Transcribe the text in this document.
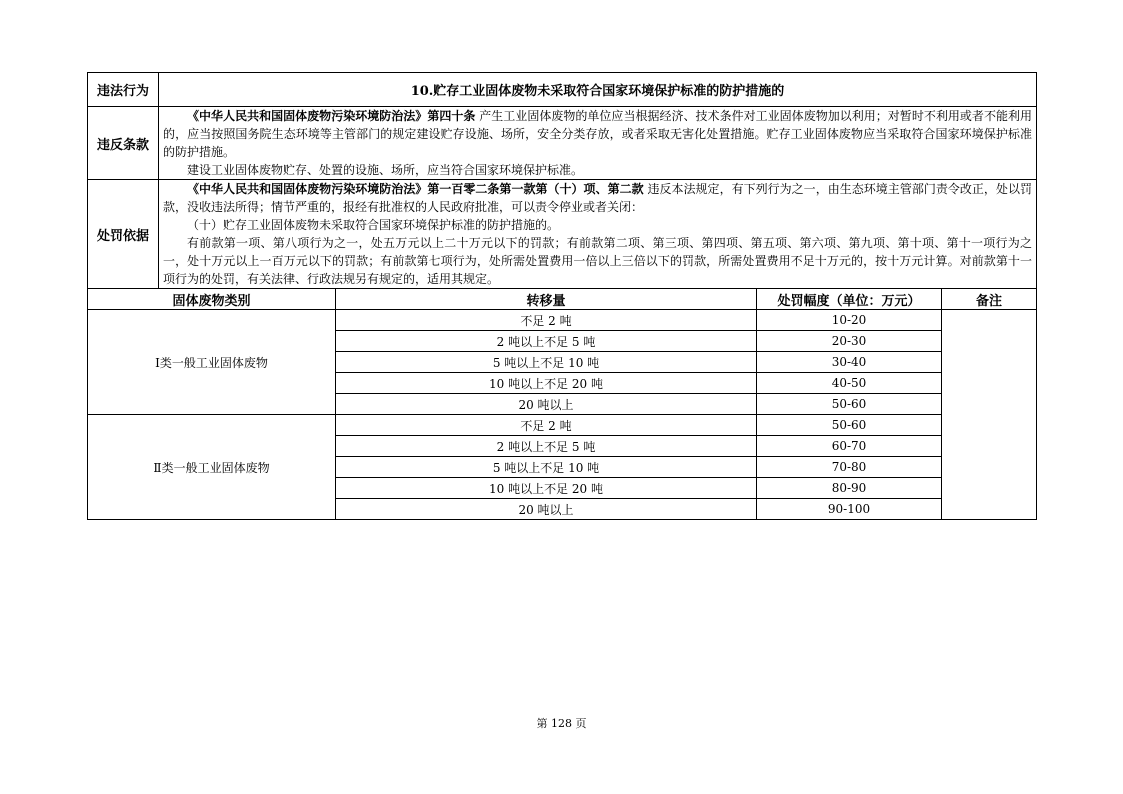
违法行为	10.贮存工业固体废物未采取符合国家环境保护标准的防护措施的			
违反条款	《中华人民共和国固体废物污染环境防治法》第四十条 产生工业固体废物的单位应当根据经济、技术条件对工业固体废物加以利用；对暂时不利用或者不能利用的，应当按照国务院生态环境等主管部门的规定建设贮存设施、场所，安全分类存放，或者采取无害化处置措施。贮存工业固体废物应当采取符合国家环境保护标准的防护措施。

建设工业固体废物贮存、处置的设施、场所，应当符合国家环境保护标准。			

处罚依据	《中华人民共和国固体废物污染环境防治法》第一百零二条第一款第（十）项、第二款 违反本法规定，有下列行为之一，由生态环境主管部门责令改正，处以罚款，没收违法所得；情节严重的，报经有批准权的人民政府批准，可以责令停业或者关闭：

（十）贮存工业固体废物未采取符合国家环境保护标准的防护措施的。

有前款第一项、第八项行为之一，处五万元以上二十万元以下的罚款；有前款第二项、第三项、第四项、第五项、第六项、第九项、第十项、第十一项行为之一，处十万元以上一百万元以下的罚款；有前款第七项行为，处所需处置费用一倍以上三倍以下的罚款，所需处置费用不足十万元的，按十万元计算。对前款第十一项行为的处罚，有关法律、行政法规另有规定的，适用其规定。			

固体废物类别		转移量	处罚幅度（单位：万元）	备注
Ⅰ类一般工业固体废物		不足 2 吨	10-20	
		2 吨以上不足 5 吨	20-30	
		5 吨以上不足 10 吨	30-40	
		10 吨以上不足 20 吨	40-50	
		20 吨以上	50-60	
Ⅱ类一般工业固体废物		不足 2 吨	50-60	
		2 吨以上不足 5 吨	60-70	
		5 吨以上不足 10 吨	70-80	
		10 吨以上不足 20 吨	80-90	
		20 吨以上	90-100	
第 128 页
